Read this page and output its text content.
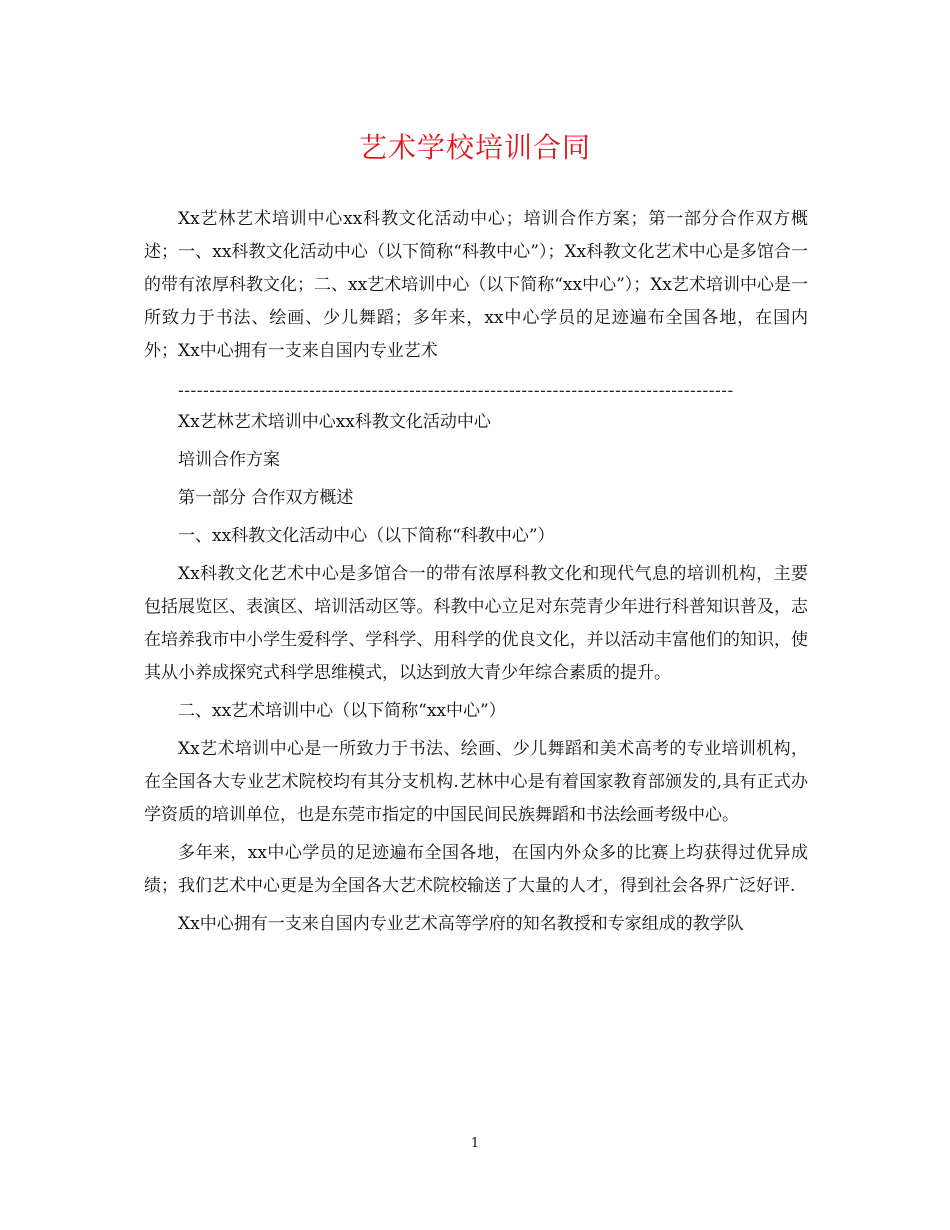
艺术学校培训合同

Xx艺林艺术培训中心xx科教文化活动中心；培训合作方案；第一部分合作双方概述；一、xx科教文化活动中心（以下简称“科教中心”）；Xx科教文化艺术中心是多馆合一的带有浓厚科教文化；二、xx艺术培训中心（以下简称“xx中心”）；Xx艺术培训中心是一所致力于书法、绘画、少儿舞蹈；多年来，xx中心学员的足迹遍布全国各地，在国内外；Xx中心拥有一支来自国内专业艺术

-----------------------------------------------------------------------------------------

Xx艺林艺术培训中心xx科教文化活动中心

培训合作方案

第一部分 合作双方概述

一、xx科教文化活动中心（以下简称“科教中心”）

Xx科教文化艺术中心是多馆合一的带有浓厚科教文化和现代气息的培训机构，主要包括展览区、表演区、培训活动区等。科教中心立足对东莞青少年进行科普知识普及，志在培养我市中小学生爱科学、学科学、用科学的优良文化，并以活动丰富他们的知识，使其从小养成探究式科学思维模式，以达到放大青少年综合素质的提升。

二、xx艺术培训中心（以下简称“xx中心”）

Xx艺术培训中心是一所致力于书法、绘画、少儿舞蹈和美术高考的专业培训机构，在全国各大专业艺术院校均有其分支机构.艺林中心是有着国家教育部颁发的,具有正式办学资质的培训单位，也是东莞市指定的中国民间民族舞蹈和书法绘画考级中心。

多年来，xx中心学员的足迹遍布全国各地，在国内外众多的比赛上均获得过优异成绩；我们艺术中心更是为全国各大艺术院校输送了大量的人才，得到社会各界广泛好评.

Xx中心拥有一支来自国内专业艺术高等学府的知名教授和专家组成的教学队

1
